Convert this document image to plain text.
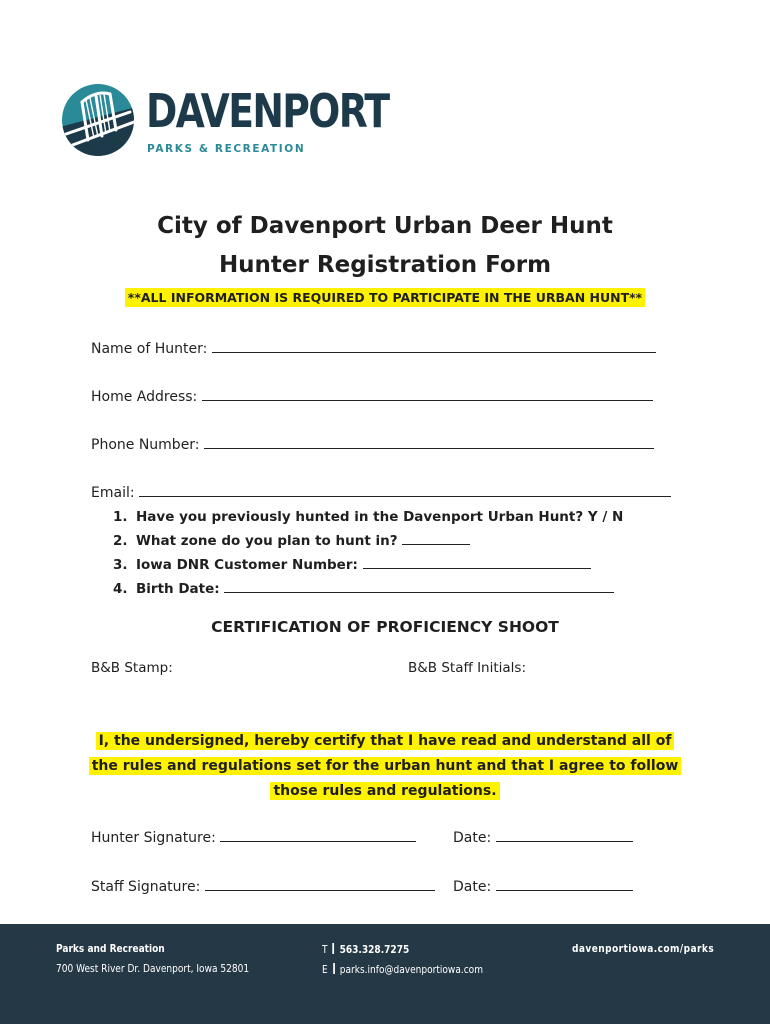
DAVENPORT
PARKS & RECREATION
City of Davenport Urban Deer Hunt
Hunter Registration Form
**ALL INFORMATION IS REQUIRED TO PARTICIPATE IN THE URBAN HUNT**
Name of Hunter:
Home Address:
Phone Number:
Email:
1. Have you previously hunted in the Davenport Urban Hunt? Y / N
2. What zone do you plan to hunt in?
3. Iowa DNR Customer Number:
4. Birth Date:
CERTIFICATION OF PROFICIENCY SHOOT
B&B Stamp:	B&B Staff Initials:
I, the undersigned, hereby certify that I have read and understand all of
the rules and regulations set for the urban hunt and that I agree to follow
those rules and regulations.
Hunter Signature:	Date:
Staff Signature:	Date:
Parks and Recreation
700 West River Dr. Davenport, Iowa 52801
T 563.328.7275
E parks.info@davenportiowa.com
davenportiowa.com/parks
